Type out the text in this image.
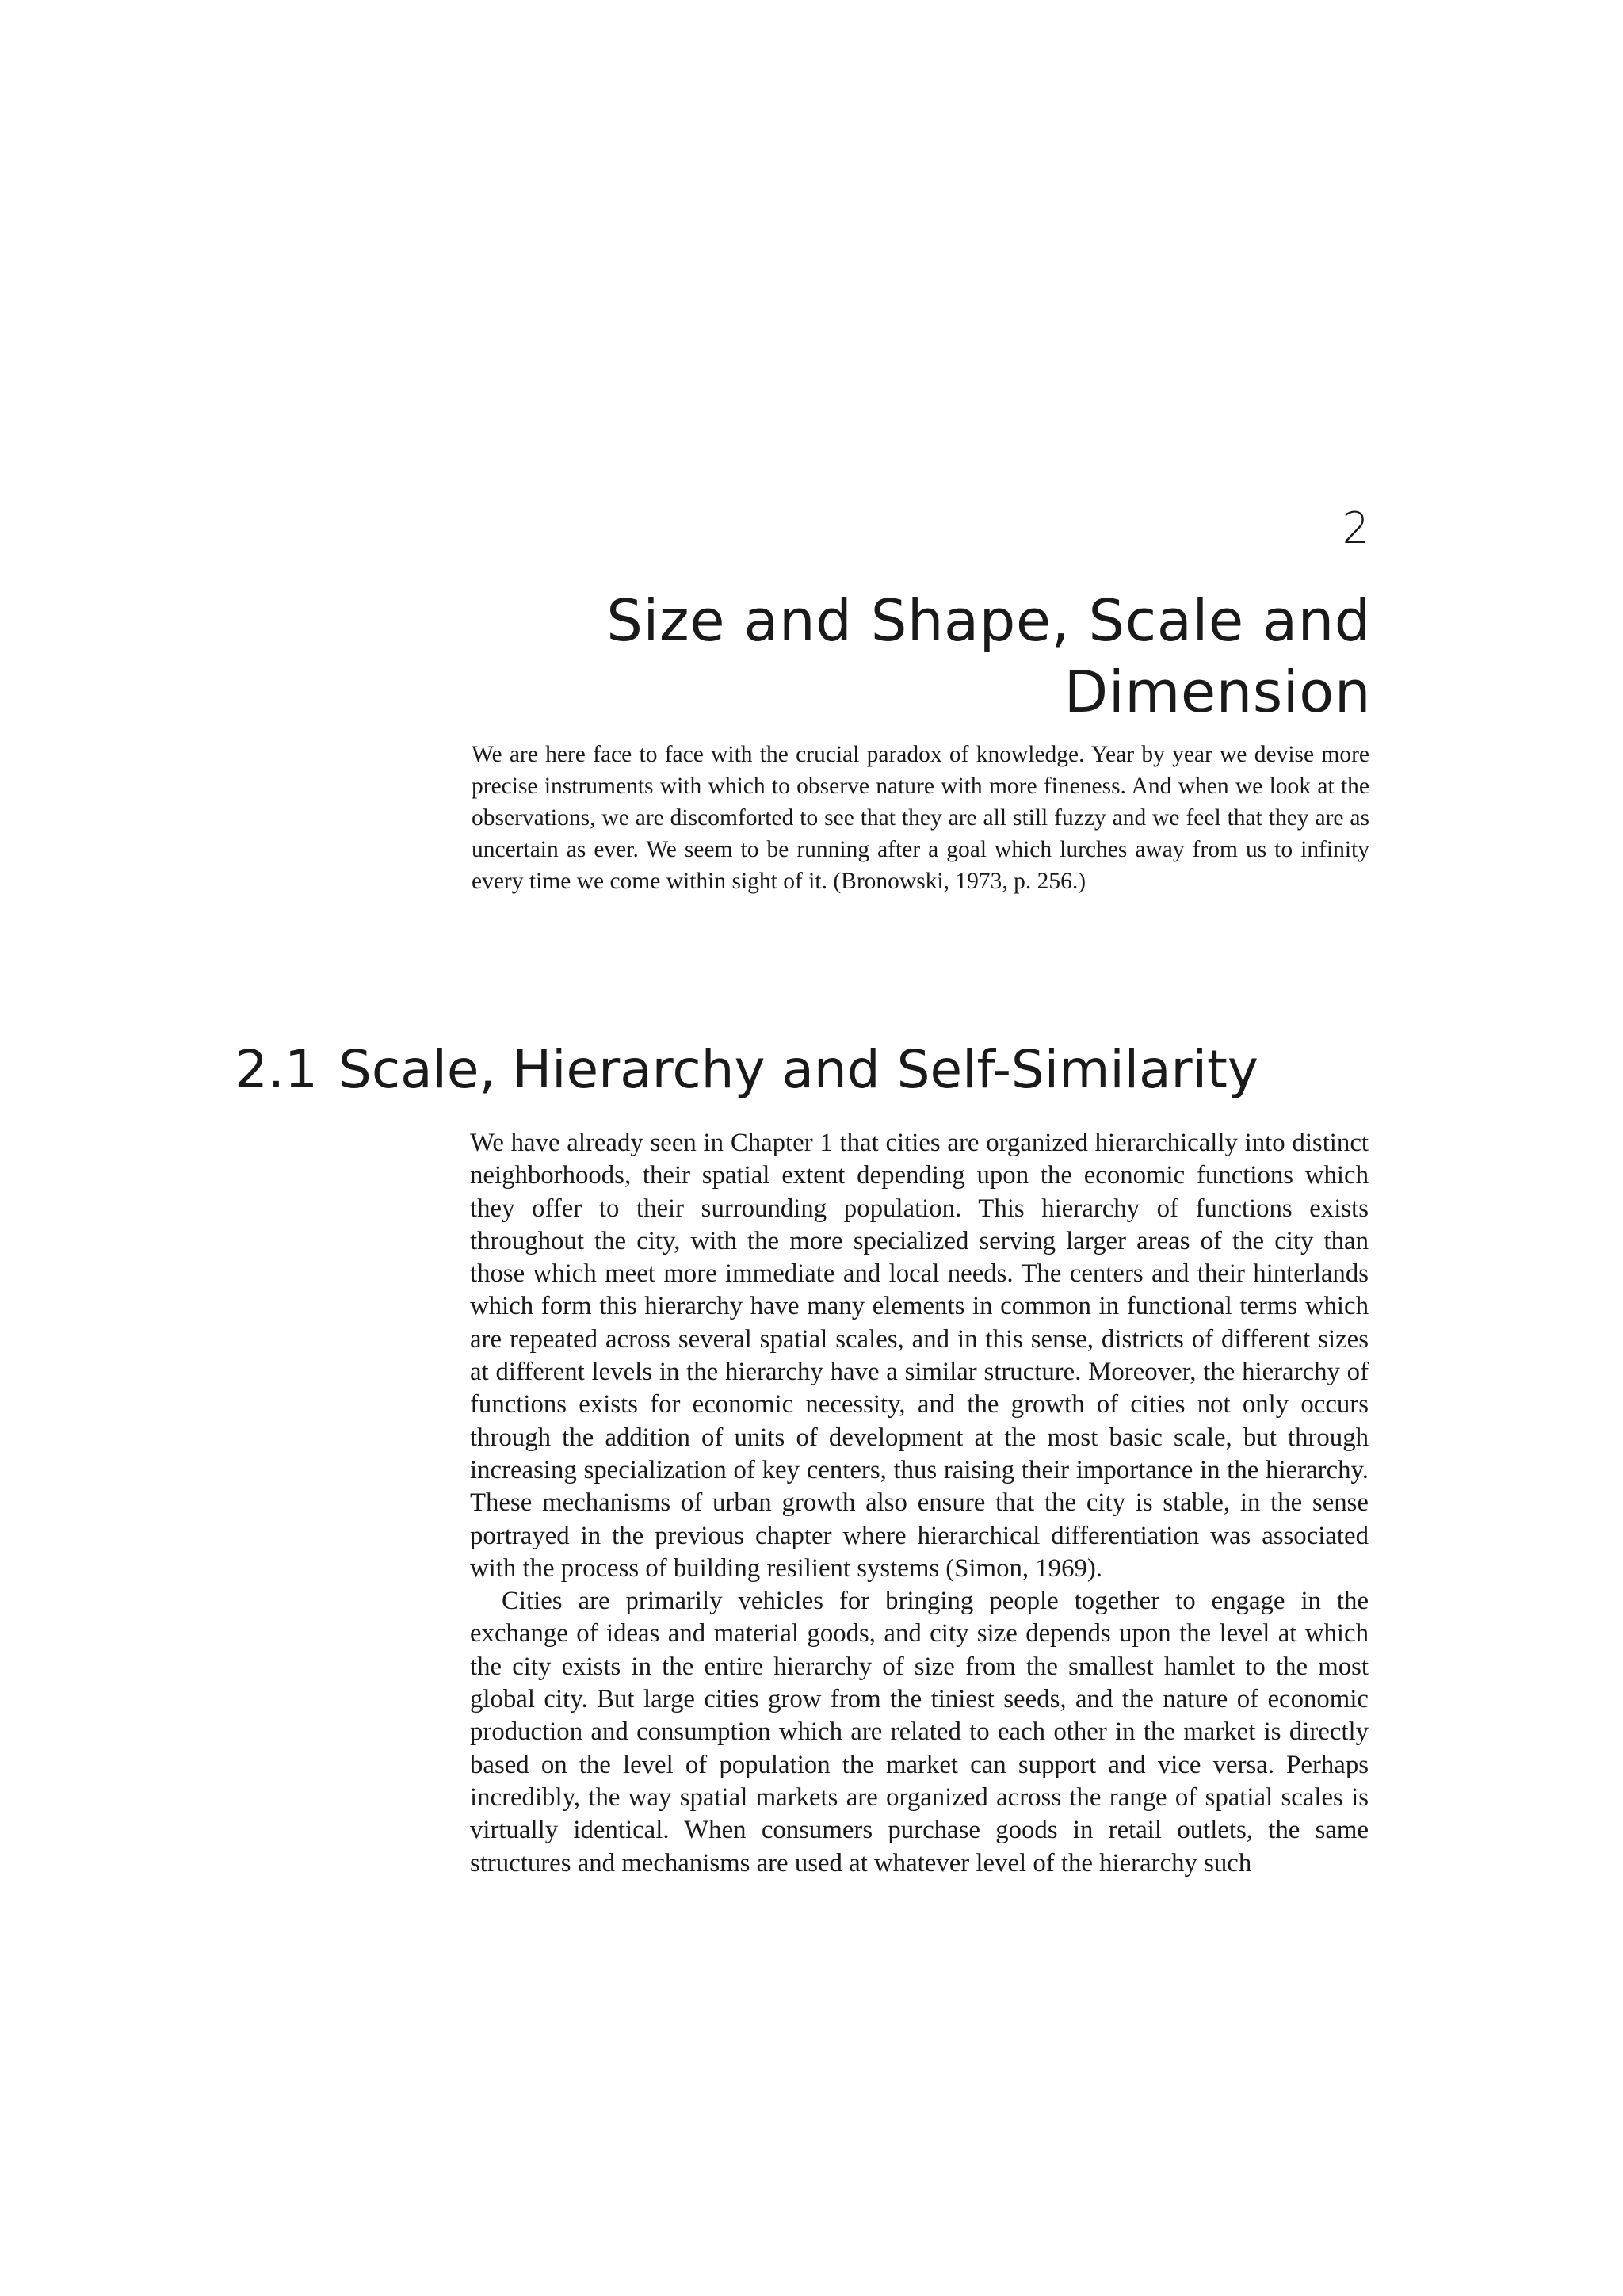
2
Size and Shape, Scale and
Dimension
We are here face to face with the crucial paradox of knowledge. Year by year we devise more precise instruments with which to observe nature with more fineness. And when we look at the observations, we are discomforted to see that they are all still fuzzy and we feel that they are as uncertain as ever. We seem to be running after a goal which lurches away from us to infinity every time we come within sight of it. (Bronowski, 1973, p. 256.)
2.1 Scale, Hierarchy and Self-Similarity

We have already seen in Chapter 1 that cities are organized hierarchically into distinct neighborhoods, their spatial extent depending upon the economic functions which they offer to their surrounding population. This hierarchy of functions exists throughout the city, with the more specialized serving larger areas of the city than those which meet more immediate and local needs. The centers and their hinterlands which form this hierarchy have many elements in common in functional terms which are repeated across several spatial scales, and in this sense, districts of different sizes at different levels in the hierarchy have a similar structure. Moreover, the hierarchy of functions exists for economic necessity, and the growth of cities not only occurs through the addition of units of development at the most basic scale, but through increasing specialization of key centers, thus raising their importance in the hierarchy. These mechanisms of urban growth also ensure that the city is stable, in the sense portrayed in the previous chapter where hierarchical differentiation was associated with the process of building resilient systems (Simon, 1969).

Cities are primarily vehicles for bringing people together to engage in the exchange of ideas and material goods, and city size depends upon the level at which the city exists in the entire hierarchy of size from the smallest hamlet to the most global city. But large cities grow from the tiniest seeds, and the nature of economic production and consumption which are related to each other in the market is directly based on the level of population the market can support and vice versa. Perhaps incredibly, the way spatial markets are organized across the range of spatial scales is virtually identical. When consumers purchase goods in retail outlets, the same structures and mechanisms are used at whatever level of the hierarchy such
